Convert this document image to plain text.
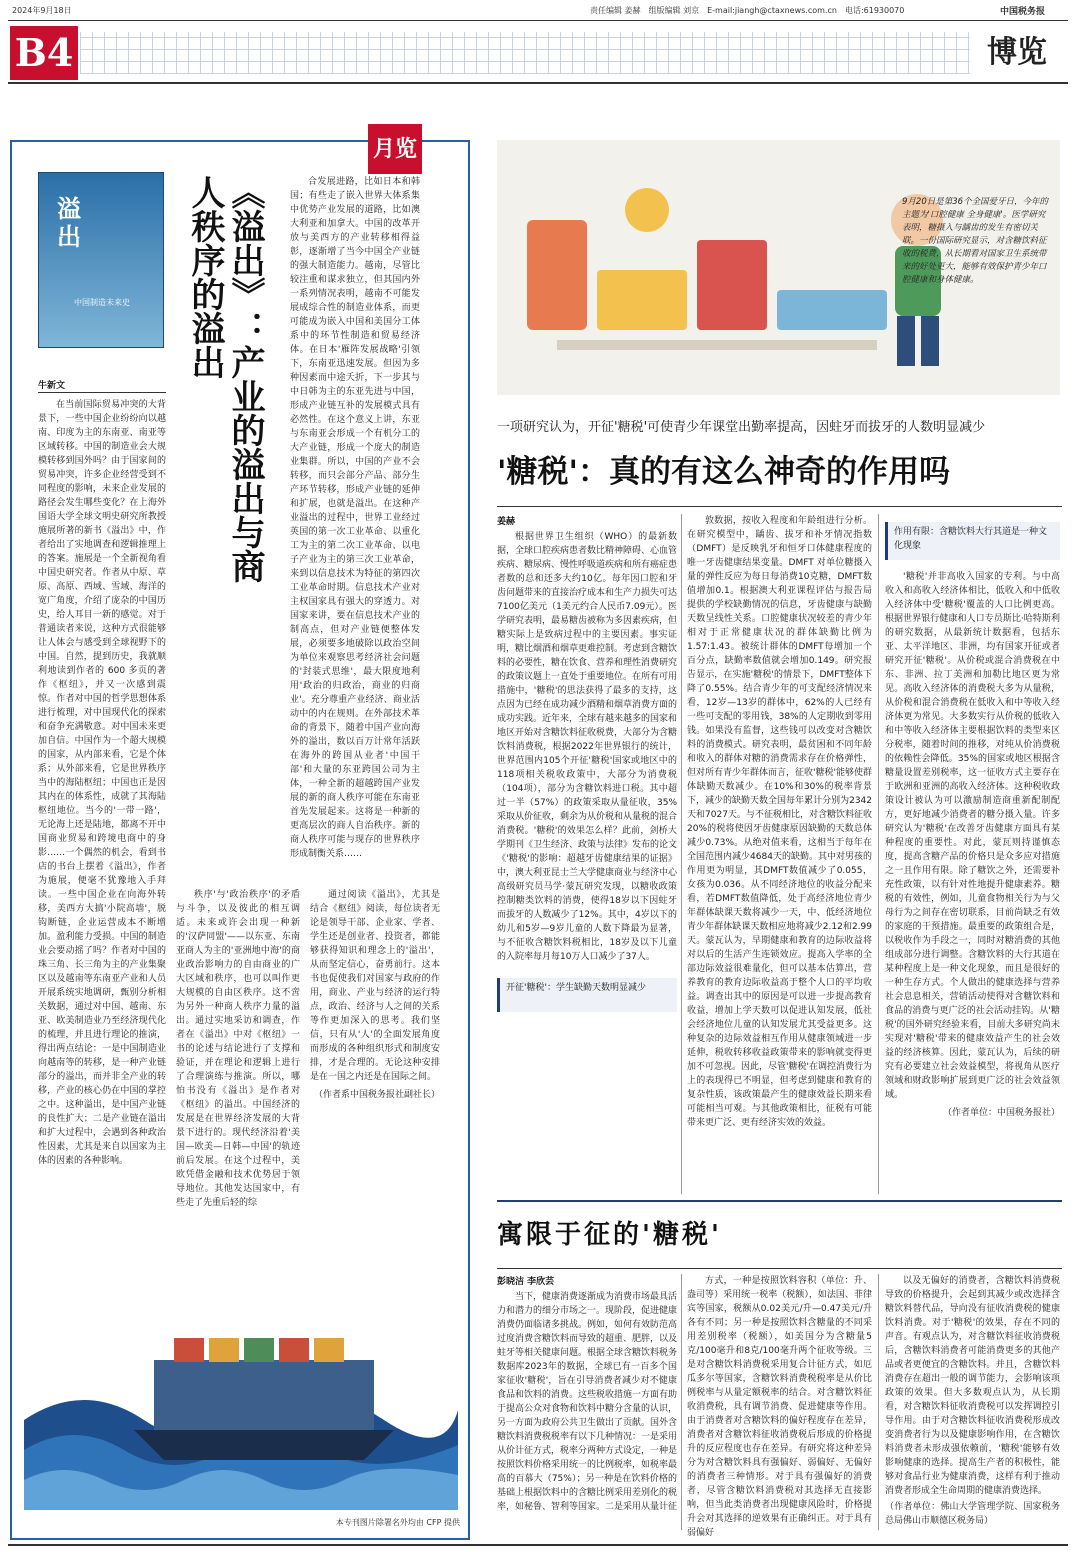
2024年9月18日	责任编辑 姜赫　组版编辑 刘京　E-mail:jiangh@ctaxnews.com.cn　电话:61930070	中国税务报
B4	博览
溢出
中国制造未来史	《溢出》：产业的溢出与商人秩序的溢出
月览
牛新文

在当前国际贸易冲突的大背景下，一些中国企业纷纷向以越南、印度为主的东南亚、南亚等区域转移。中国的制造业会大规模转移到国外吗？由于国家间的贸易冲突，许多企业经营受到不同程度的影响，未来企业发展的路径会发生哪些变化？在上海外国语大学全球文明史研究所教授施展所著的新书《溢出》中，作者给出了实地调查和逻辑推理上的答案。施展是一个全新视角看中国史研究者。作者从中原、草原、高原、西域、雪域、海洋的宽广角度，介绍了庞杂的中国历史，给人耳目一新的感觉。对于普通读者来说，这种方式很能够让人体会与感受到全球视野下的中国。自然，提到历史，我就顺利地读到作者的 600 多页的著作《枢纽》，并又一次感到震惊。作者对中国的哲学思想体系进行梳理，对中国现代化的探索和奋争充满敬意。对中国未来更加自信。中国作为一个超大规模的国家，从内部来看，它是个体系；从外部来看，它是世界秩序当中的海陆枢纽；中国也正是因其内在的体系性，成就了其海陆枢纽地位。当今的'一带一路'，无论海上还是陆地，都离不开中国商业贸易和跨境电商中的身影……一个偶然的机会，看到书店的书台上摆着《溢出》，作者为施展，便毫不犹豫地入手拜读。一些中国企业在向海外转移，美西方大搞'小院高墙'，脱钩断链，企业运营成本不断增加。盈利能力受损。中国的制造业会要动摇了吗？作者对中国的珠三角、长三角为主的产业集聚区以及越南等东南亚产业和人员开展系统实地调研，甄别分析相关数据，通过对中国、越南、东亚、欧美制造业乃至经济现代化的梳理，并且进行理论的推演，得出两点结论：一是中国制造业向越南等的转移，是一种产业链部分的溢出，而并非全产业的转移，产业的核心仍在中国的掌控之中。这种溢出，是中国产业链的良性扩大；二是产业链在溢出和扩大过程中，会遇到各种政治性因素，尤其是来自以国家为主体的因素的各种影响。

合发展进路，比如日本和韩国；有些走了嵌入世界大体系集中优势产业发展的道路，比如澳大利亚和加拿大。中国的改革开放与美西方的产业转移相得益彰，逐渐增了当今中国全产业链的强大制造能力。越南，尽管比较注重和谋求独立，但其国内外一系列情况表明，越南不可能发展成综合性的制造业体系，而更可能成为嵌入中国和美国分工体系中的环节性制造和贸易经济体。在日本'雁阵发展战略'引领下，东南亚迅速发展。但因为多种因素而中途夭折，下一步其与中日韩为主的东亚先进与中国，形成产业链互补的发展模式具有必然性。在这个意义上讲，东亚与东南亚会形成一个有机分工的大产业链，形成一个庞大的制造业集群。所以，中国的产业不会转移，而只会部分产品、部分生产环节转移，形成产业链的延伸和扩展，也就是溢出。在这种产业溢出的过程中，世界工业经过英国的第一次工业革命、以重化工为主的第二次工业革命、以电子产业为主的第三次工业革命，来到以信息技术为特征的第四次工业革命时期。信息技术产业对主权国家具有强大的穿透力。对国家来讲，要在信息技术产业的制高点，但对产业链便整体发展，必须要多地破除以政治空间为单位来观察思考经济社会问题的'封装式思维'，最大限度地利用'政治的归政治，商业的归商业'。充分尊重产业经济、商业活动中的内在规则。在外部技术革命的背景下，随着中国产业向海外的溢出，数以百万计常年活跃在海外的跨国从业者'中国干部'和大量的东亚跨国公司为主体，一种全新的超越跨国产业发展的新的商人秩序可能在东南亚首先发展起来。这将是一种新的更高层次的商人自治秩序。新的商人秩序可能与现存的世界秩序形成制衡关系……

秩序'与'政治秩序'的矛盾与斗争，以及彼此的相互调适。未来或许会出现一种新的'汉萨同盟'——以东亚、东南亚商人为主的'亚洲地中海'的商业政治影响力的自由商业的广大区域和秩序，也可以叫作更大规模的自由区秩序。这不啻为另外一种商人秩序力量的溢出。通过实地采访和调查，作者在《溢出》中对《枢纽》一书的论述与结论进行了支撑和验证，并在理论和逻辑上进行了合理演练与推演。所以，哪怕书没有《溢出》是作者对《枢纽》的溢出。中国经济的发展是在世界经济发展的大背景下进行的。现代经济沿着'美国—欧美—日韩—中国'的轨迹前后发展。在这个过程中，美欧凭借金融和技术优势居于领导地位。其他发达国家中，有些走了先重后轻的综

通过阅读《溢出》，尤其是结合《枢纽》阅读，每位读者无论是领导干部、企业家、学者、学生还是创业者、投资者，都能够获得知识和理念上的'溢出'，从而坚定信心，奋勇前行。这本书也促使我们对国家与政府的作用，商业、产业与经济的运行特点，政治、经济与人之间的关系等作更加深入的思考。我们坚信，只有从'人'的全面发展角度而形成的各种组织形式和制度安排，才是合理的。无论这种安排是在一国之内还是在国际之间。

（作者系中国税务报社副社长）

本专刊图片除署名外均由 CFP 提供
9月20日是第36个全国爱牙日，今年的主题为'口腔健康 全身健康'。医学研究表明，糖摄入与龋齿的发生有密切关联。一份国际研究显示，对含糖饮料征收的税费，从长期看对国家卫生系统带来的好处更大，能够有效保护青少年口腔健康和身体健康。
一项研究认为，开征'糖税'可使青少年课堂出勤率提高，因蛀牙而拔牙的人数明显减少
'糖税'：真的有这么神奇的作用吗
姜赫

根据世界卫生组织（WHO）的最新数据，全球口腔疾病患者数比精神障碍、心血管疾病、糖尿病、慢性呼吸道疾病和所有癌症患者数的总和还多大约10亿。每年因口腔和牙齿问题带来的直接治疗成本和生产力损失可达7100亿美元（1美元约合人民币7.09元）。医学研究表明，最易糖齿被称为多因素疾病，但糖实际上是致病过程中的主要因素。事实证明，糖比烟酒和烟草更难控制。考虑到含糖饮料的必要性，糖在饮食、营养和理性消费研究的政策议题上一直处于重要地位。在所有可用措施中，'糖税'的思法获得了最多的支持，这点因为已经在成功减少酒精和烟草消费方面的成功实践。近年来，全球有越来越多的国家和地区开始对含糖饮料征收税费，大部分为含糖饮料消费税，根据2022年世界银行的统计，世界范围内105个开征'糖税'国家或地区中的118项相关税收政策中，大部分为消费税（104项），部分为含糖饮料进口税。其中超过一半（57%）的政策采取从量征收，35%采取从价征收，剩余为从价税和从量税的混合消费税。'糖税'的效果怎么样？此前，剑桥大学期刊《卫生经济、政策与法律》发布的论文《'糖税'的影响：超越牙齿健康结果的证据》中，澳大利亚昆士兰大学健康商业与经济中心高级研究员马学·蒙瓦研究发现，以糖收政策控制糖类饮料的消费，使得18岁以下因蛀牙而拔牙的人数减少了12%。其中，4岁以下的幼儿和5岁—9岁儿童的人数下降最为显著，与不征收含糖饮料税相比，18岁及以下儿童的入院率每月每10万人口减少了37人。

开征'糖税'：学生缺勤天数明显减少

敦数据，按收入程度和年龄组进行分析。在研究模型中，龋齿、拔牙和补牙情况指数（DMFT）是反映乳牙和恒牙口体健康程度的唯一牙齿健康结果变量。DMFT 对单位糖摄入量的弹性反应为每日每消费10克糖，DMFT数值增加0.1。根据澳大利亚课程评估与报告局提供的学校缺勤情况的信息，牙齿健康与缺勤天数呈线性关系。口腔健康状况较差的青少年相对于正常健康状况的群体缺勤比例为1.57:1.43。被统计群体的DMFT每增加一个百分点，缺勤率数值就会增加0.149。研究报告显示，在实施'糖税'的情景下，DMFT整体下降了0.55%。结合青少年的可支配经济情况来看，12岁—13岁的群体中，62%的人已经有一些可支配的零用钱，38%的人定期收到零用钱。如果没有监督，这些钱可以改变对含糖饮料的消费模式。研究表明，最贫困和不同年龄和收入的群体对糖的消费需求存在价格弹性，但对所有青少年群体而言，征收'糖税'能够使群体缺勤天数减少。在10%和30%的税率背景下，减少的缺勤天数全国每年累计分别为2342天和7027天。与不征税相比，对含糖饮料征收20%的税将使因牙齿健康原因缺勤的天数总体减少0.73%。从绝对值来看，这相当于每年在全国范围内减少4684天的缺勤。其中对男孩的作用更为明显，其DMFT数值减少了0.055，女孩为0.036。从不同经济地位的收益分配来看，若DMFT数值降低，处于高经济地位青少年群体缺课天数将减少一天，中、低经济地位青少年群体缺课天数相应地将减少2.12和2.99天。蒙瓦认为，早期健康和教育的边际收益将对以后的生活产生连锁效应。提高入学率的全部边际效益很难量化，但可以基本估算出，营养教育的教育边际收益高于整个人口的平均收益。调查出其中的原因是可以进一步提高教育收益，增加上学天数可以促进认知发展，低社会经济地位儿童的认知发展尤其受益更多。这种复杂的边际效益相互作用从健康领域进一步延伸，税收转移收益政策带来的影响就变得更加不可忽视。因此，尽管'糖税'在调控消费行为上的表现得已不明显，但考虑到健康和教育的复杂性质，该政策最产生的健康效益长期来看可能相当可观。与其他政策相比，征税有可能带来更广泛、更有经济实效的效益。

作用有限：含糖饮料大行其道是一种文化现象

'糖税'并非高收入国家的专利。与中高收入和高收入经济体相比，低收入和中低收入经济体中受'糖税'覆盖的人口比例更高。根据世界银行健康和人口专员斯比·哈特斯利的研究数据，从最新统计数据看，包括东亚、太平洋地区、非洲，均有国家开征或者研究开征'糖税'。从价税或混合消费税在中东、非洲、拉丁美洲和加勒比地区更为常见。高收入经济体的消费税大多为从量税，从价税和混合消费税在低收入和中等收入经济体更为常见。大多数实行从价税的低收入和中等收入经济体主要根据饮料的类型来区分税率，随着时间的推移，对纯从价消费税的依赖性会降低。35%的国家或地区根据含糖量设置差别税率，这一征收方式主要存在于欧洲和亚洲的高收入经济体。这种税收政策设计被认为可以激励制造商重新配制配方，更好地减少消费者的糖分摄入量。许多研究认为'糖税'在改善牙齿健康方面具有某种程度的重要性。对此，蒙瓦则持谨慎态度，提高含糖产品的价格只是众多应对措施之一且作用有限。除了糖饮之外，还需要补充性政策，以有针对性地提升健康素养。糖税的有效性，例如，儿童食物相关行为与父母行为之间存在密切联系，目前尚缺乏有效的家庭的干预措施。最重要的政策组合是，以税收作为手段之一，同时对糖消费的其他组成部分进行调整。含糖饮料的大行其道在某种程度上是一种文化现象，而且是很好的一种生存方式。个人做出的健康选择与营养社会息息相关，营销活动使得对含糖饮料和食品的消费与更广泛的社会活动挂钩。从'糖税'的国外研究经验来看，目前大多研究尚未实现对'糖税'带来的健康效益产生的社会效益的经济核算。因此，蒙瓦认为，后续的研究有必要建立社会效益模型，将视角从医疗领域和财政影响扩展到更广泛的社会效益领域。

（作者单位：中国税务报社）

寓限于征的'糖税'
彭晓洁 李欣芸

当下，健康消费逐渐成为消费市场最具活力和潜力的细分市场之一。现阶段，促进健康消费仍面临诸多挑战。例如，如何有效防范高过度消费含糖饮料而导致的超重、肥胖，以及蛀牙等相关健康问题。根据全球含糖饮料税务数据库2023年的数据，全球已有一百多个国家征收'糖税'，旨在引导消费者减少对不健康食品和饮料的消费。这些税收措施一方面有助于提高公众对食物和饮料中糖分含量的认识，另一方面为政府公共卫生做出了贡献。国外含糖饮料消费税税率有以下几种情况：一是采用从价计征方式，税率分两种方式设定，一种是按照饮料价格采用统一的比例税率，如税率最高的百慕大（75%）；另一种是在饮料价格的基础上根据饮料中的含糖比例采用差别化的税率，如秘鲁、智利等国家。二是采用从量计征

方式，一种是按照饮料容积（单位：升、盎司等）采用统一税率（税额），如法国、菲律宾等国家，税额从0.02美元/升—0.47美元/升各有不同；另一种是按照饮料含糖量的不同采用差别税率（税额），如美国分为含糖量5克/100毫升和8克/100毫升两个征收等级。三是对含糖饮料消费税采用复合计征方式，如厄瓜多尔等国家，含糖饮料消费税税率是从价比例税率与从量定额税率的结合。对含糖饮料征收消费税，具有调节消费、促进健康等作用。由于消费者对含糖饮料的偏好程度存在差异，消费者对含糖饮料征收消费税后形成的价格提升的反应程度也存在差异。有研究将这种差异分为对含糖饮料具有强偏好、弱偏好、无偏好的消费者三种情形。对于具有强偏好的消费者，尽管含糖饮料消费税对其选择无直接影响，但当此类消费者出现健康风险时，价格提升会对其选择的逆效果有正确纠正。对于具有弱偏好

以及无偏好的消费者，含糖饮料消费税导致的价格提升，会起到其减少或改选择含糖饮料替代品，导向没有征收消费税的健康饮料消费。对于'糖税'的效果，存在不同的声音。有观点认为，对含糖饮料征收消费税后，含糖饮料消费者可能消费更多的其他产品或者更便宜的含糖饮料。并且，含糖饮料消费存在超出一般的调节能力，会影响该项政策的效果。但大多数观点认为，从长期看，对含糖饮料征收消费税可以发挥调控引导作用。由于对含糖饮料征收消费税形成改变消费者行为以及健康影响作用，在含糖饮料消费者未形成强依赖前，'糖税'能够有效影响健康的选择。提高生产者的积极性，能够对食品行业为健康消费，这样有利于推动消费者形成全生命周期的健康消费选择。

（作者单位：佛山大学管理学院、国家税务总局佛山市顺德区税务局）
